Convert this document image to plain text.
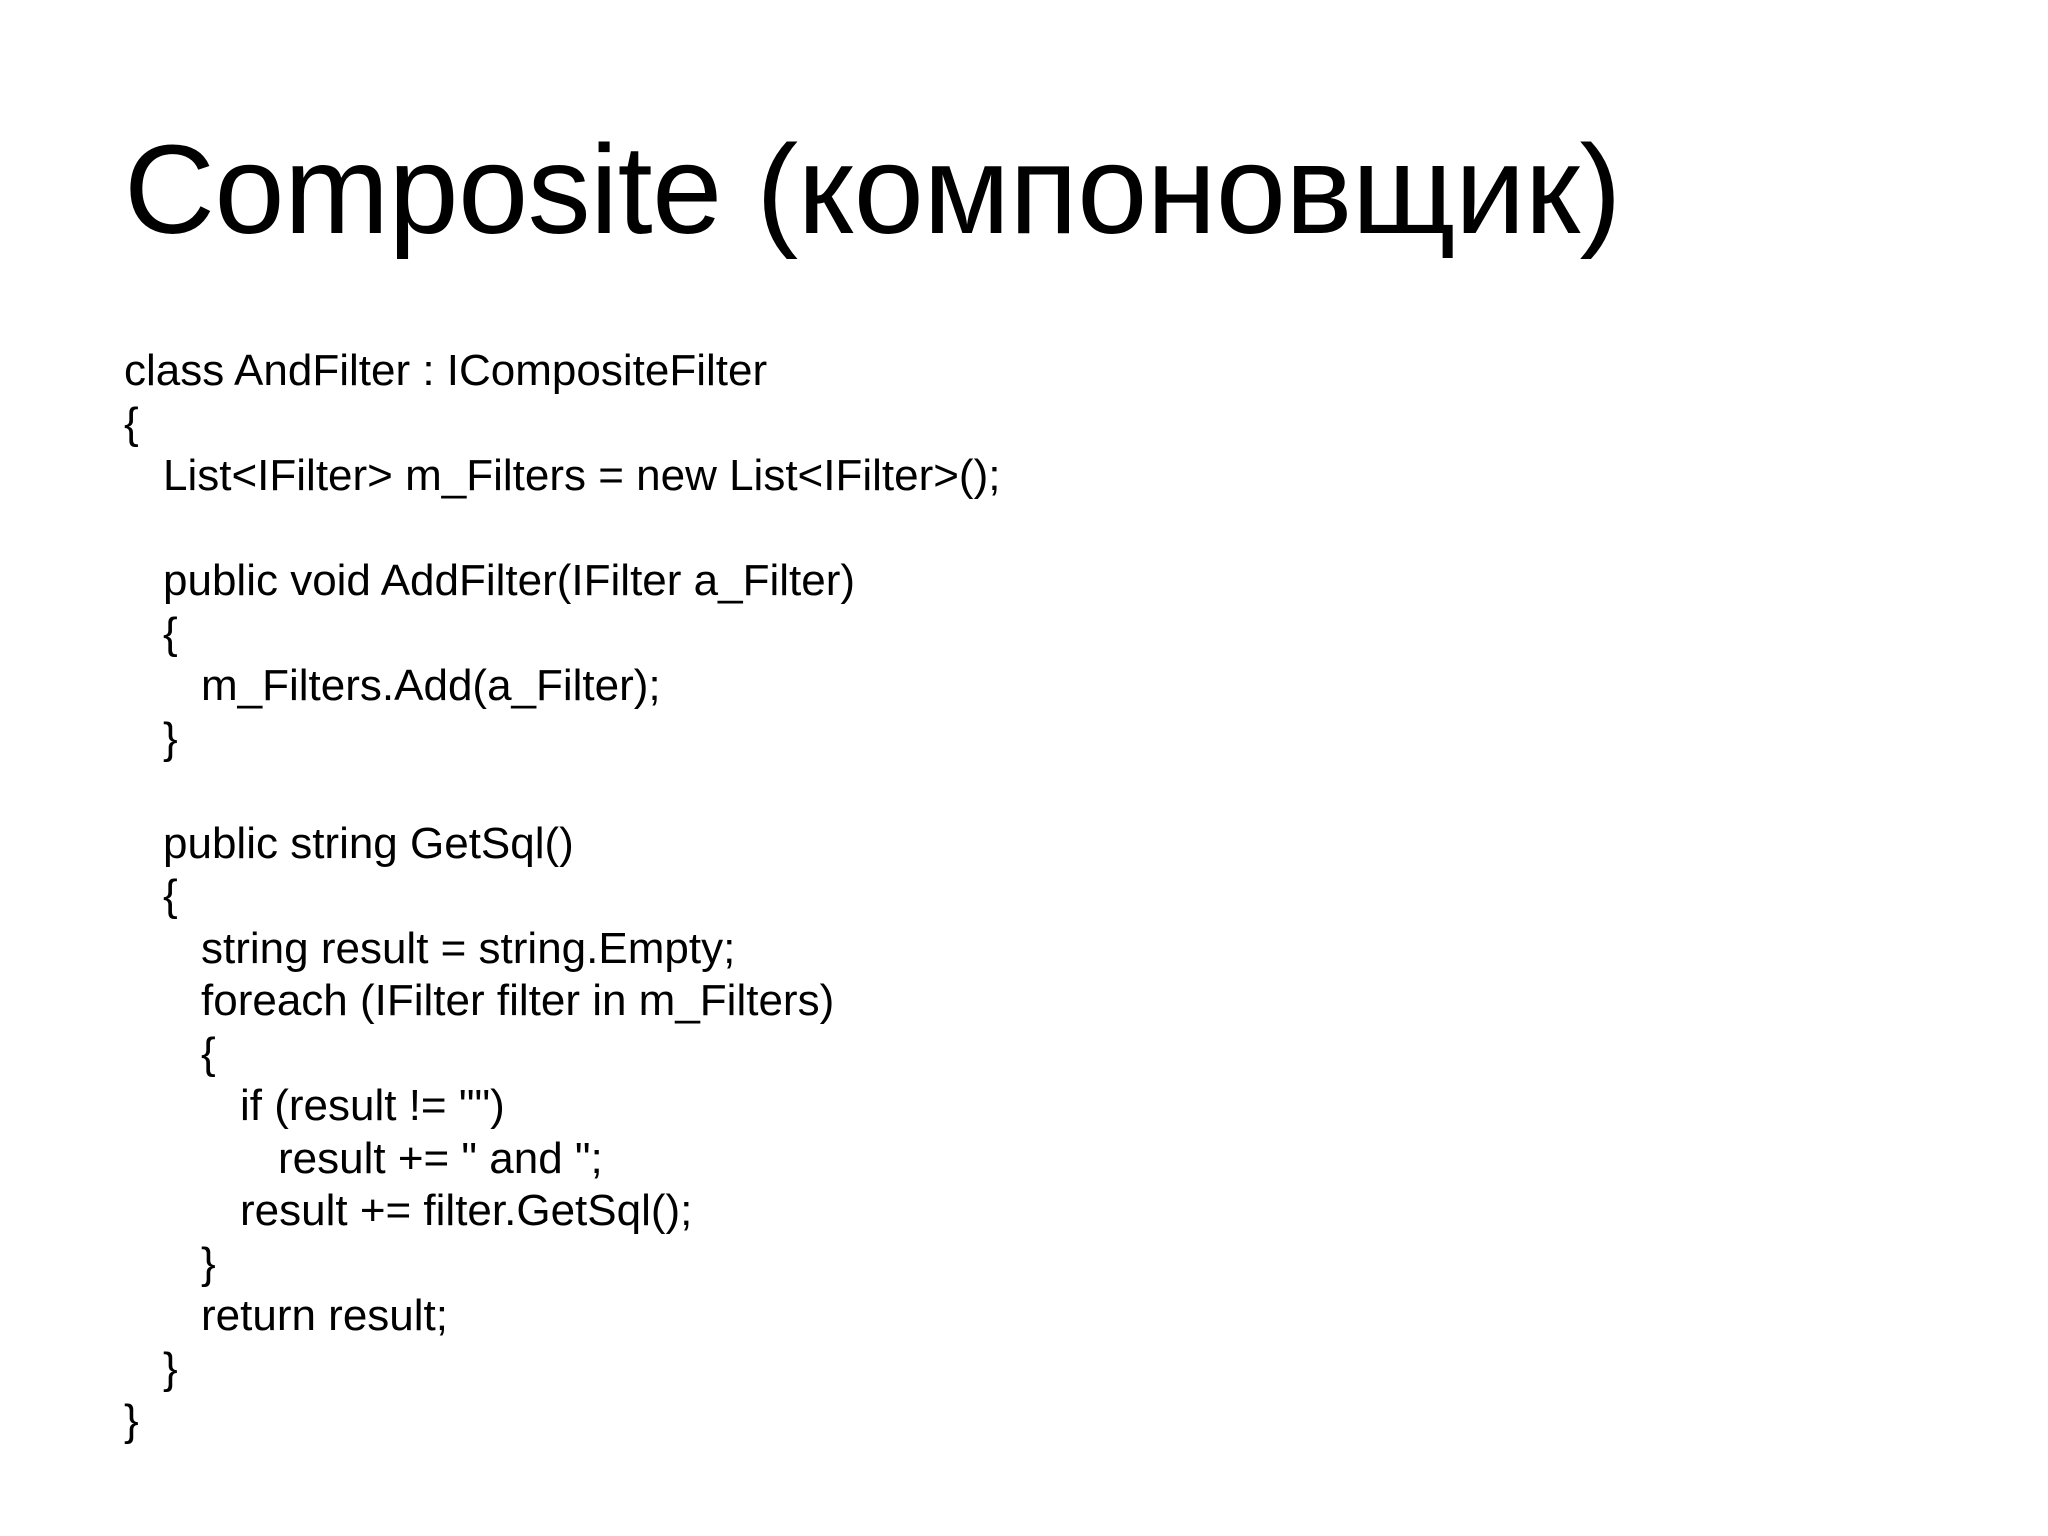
Composite (компоновщик)
class AndFilter : ICompositeFilter
{
List<IFilter> m_Filters = new List<IFilter>();
public void AddFilter(IFilter a_Filter)
{
m_Filters.Add(a_Filter);
}
public string GetSql()
{
string result = string.Empty;
foreach (IFilter filter in m_Filters)
{
if (result != "")
result += " and ";
result += filter.GetSql();
}
return result;
}
}
